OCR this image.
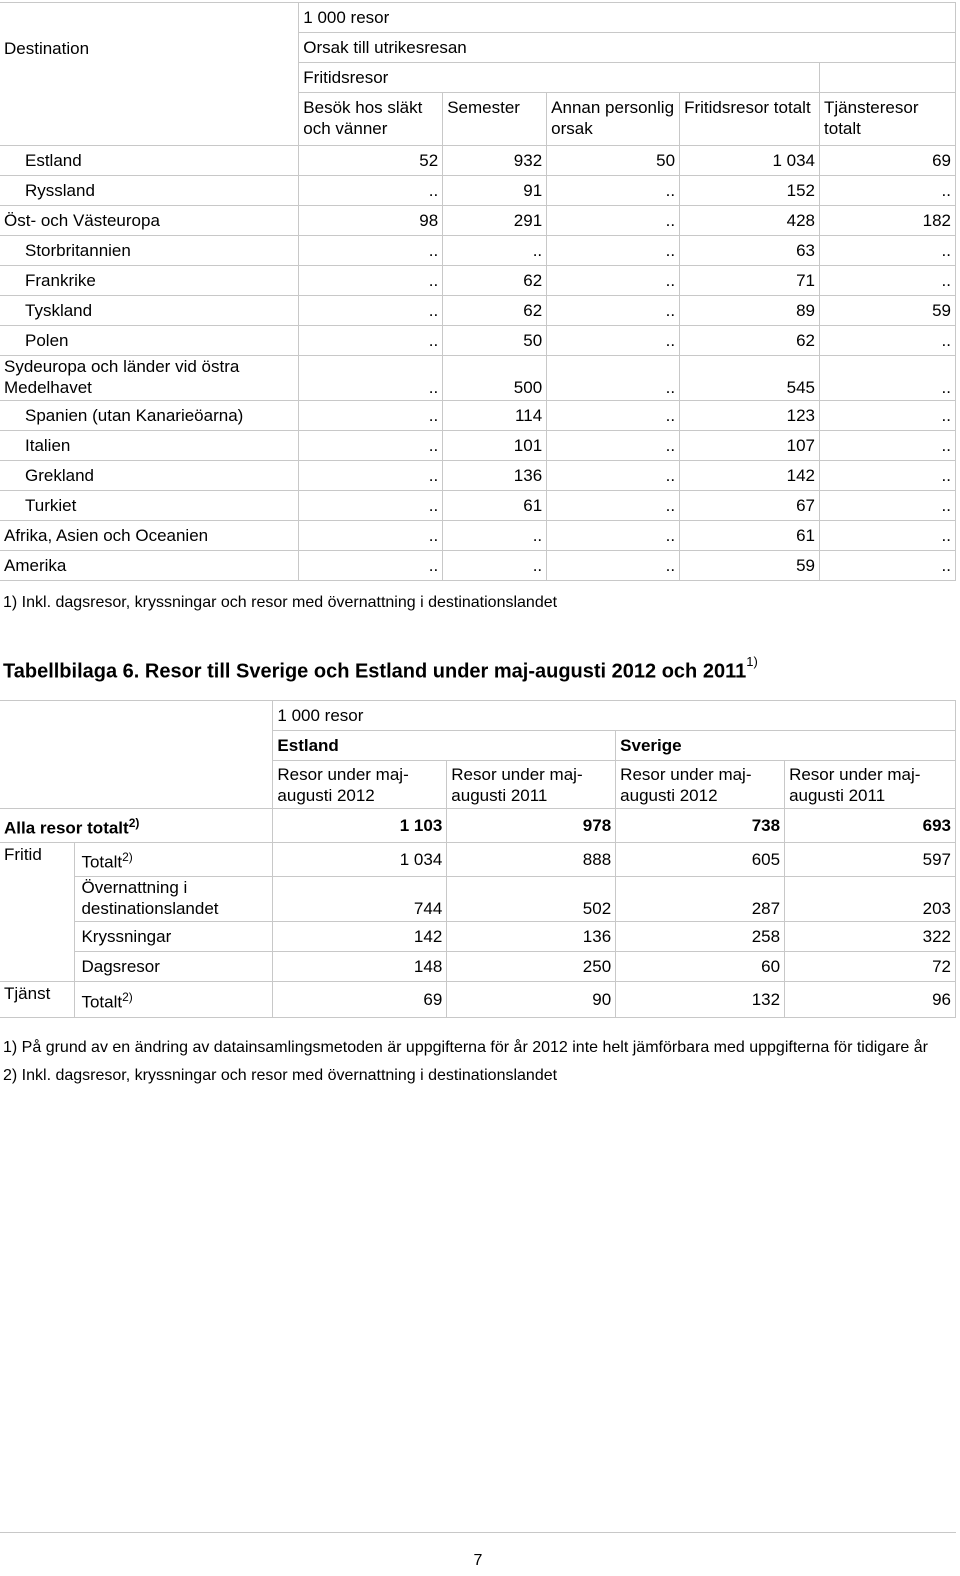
Destination	1 000 resor				
	Orsak till utrikesresan				
	Fritidsresor				
	Besök hos släkt och vänner	Semester	Annan personlig orsak	Fritidsresor totalt	Tjänsteresor totalt
Estland	52	932	50	1 034	69
Ryssland	..	91	..	152	..
Öst- och Västeuropa	98	291	..	428	182
Storbritannien	..	..	..	63	..
Frankrike	..	62	..	71	..
Tyskland	..	62	..	89	59
Polen	..	50	..	62	..
Sydeuropa och länder vid östra Medelhavet	..	500	..	545	..
Spanien (utan Kanarieöarna)	..	114	..	123	..
Italien	..	101	..	107	..
Grekland	..	136	..	142	..
Turkiet	..	61	..	67	..
Afrika, Asien och Oceanien	..	..	..	61	..
Amerika	..	..	..	59	..
1) Inkl. dagsresor, kryssningar och resor med övernattning i destinationslandet
Tabellbilaga 6. Resor till Sverige och Estland under maj-augusti 2012 och 2011$^{1)}$
		1 000 resor			
		Estland		Sverige	
		Resor under maj-augusti 2012	Resor under maj-augusti 2011	Resor under maj-augusti 2012	Resor under maj-augusti 2011
Alla resor totalt$^{2)}$		1 103	978	738	693
Fritid	Totalt$^{2)}$	1 034	888	605	597
	Övernattning i destinationslandet	744	502	287	203
	Kryssningar	142	136	258	322
	Dagsresor	148	250	60	72
Tjänst	Totalt$^{2)}$	69	90	132	96
1) På grund av en ändring av datainsamlingsmetoden är uppgifterna för år 2012 inte helt jämförbara med uppgifterna för tidigare år
2) Inkl. dagsresor, kryssningar och resor med övernattning i destinationslandet
7
